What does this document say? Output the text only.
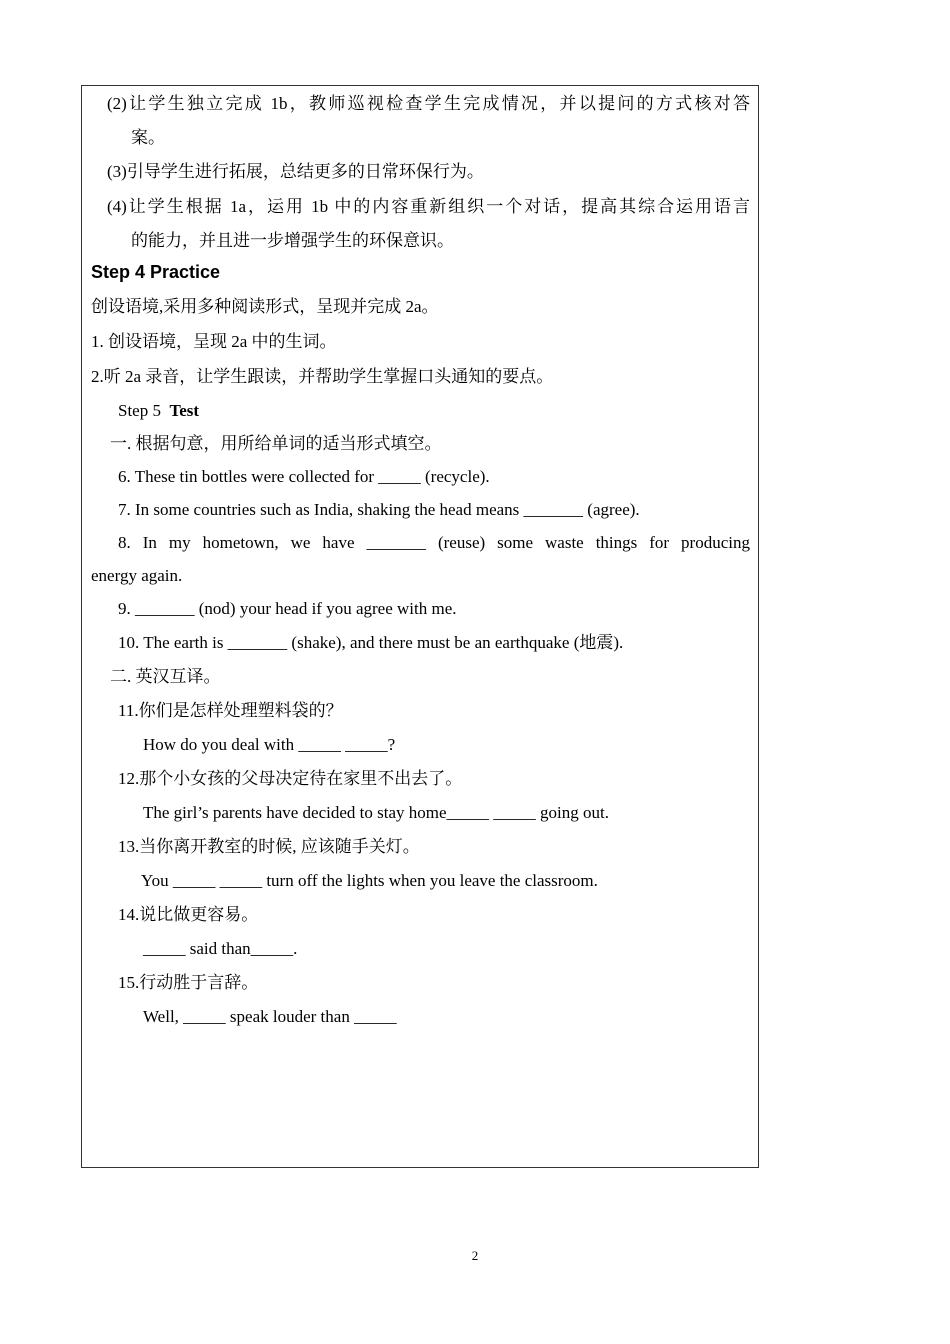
(2)让学生独立完成 1b，教师巡视检查学生完成情况，并以提问的方式核对答
案。
(3)引导学生进行拓展，总结更多的日常环保行为。
(4)让学生根据 1a，运用 1b 中的内容重新组织一个对话，提高其综合运用语言
的能力，并且进一步增强学生的环保意识。
Step 4 Practice
创设语境,采用多种阅读形式，呈现并完成 2a。
1. 创设语境，呈现 2a 中的生词。
2.听 2a 录音，让学生跟读，并帮助学生掌握口头通知的要点。
Step 5 Test
一. 根据句意，用所给单词的适当形式填空。
6. These tin bottles were collected for _____ (recycle).
7. In some countries such as India, shaking the head means _______ (agree).
8. In my hometown, we have _______ (reuse) some waste things for producing
energy again.
9. _______ (nod) your head if you agree with me.
10. The earth is _______ (shake), and there must be an earthquake (地震).
二. 英汉互译。
11.你们是怎样处理塑料袋的？
How do you deal with _____ _____?
12.那个小女孩的父母决定待在家里不出去了。
The girl’s parents have decided to stay home_____ _____ going out.
13.当你离开教室的时候, 应该随手关灯。
You _____ _____ turn off the lights when you leave the classroom.
14.说比做更容易。
_____ said than_____.
15.行动胜于言辞。
Well, _____ speak louder than _____
2
